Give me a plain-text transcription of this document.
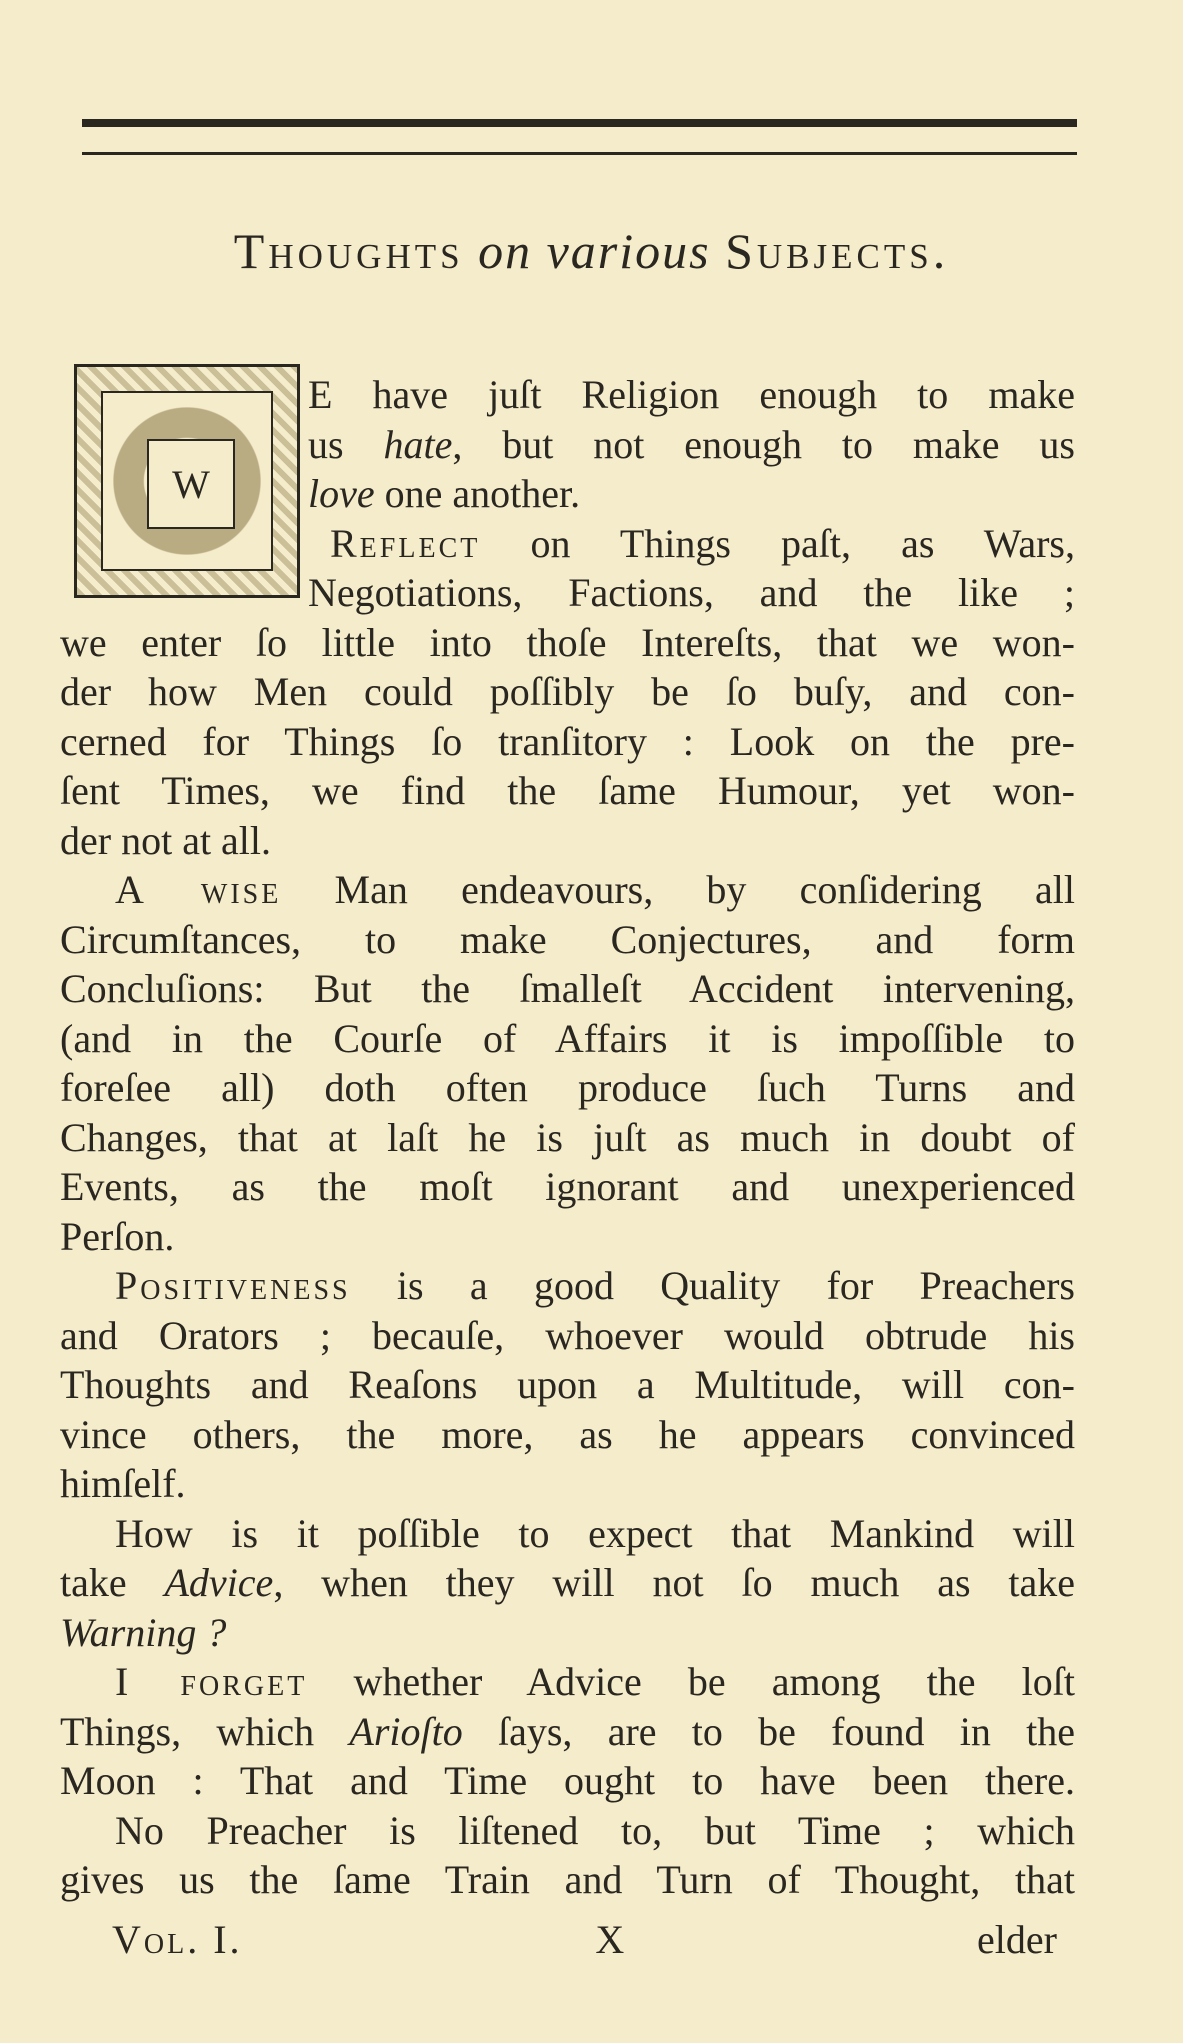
Thoughts on various Subjects.
W
E have juſt Religion enough to make
us hate, but not enough to make us
love one another.
Reflect on Things paſt, as Wars,
Negotiations, Factions, and the like ;
we enter ſo little into thoſe Intereſts, that we won-
der how Men could poſſibly be ſo buſy, and con-
cerned for Things ſo tranſitory : Look on the pre-
ſent Times, we find the ſame Humour, yet won-
der not at all.
A wise Man endeavours, by conſidering all
Circumſtances, to make Conjectures, and form
Concluſions: But the ſmalleſt Accident intervening,
(and in the Courſe of Affairs it is impoſſible to
foreſee all) doth often produce ſuch Turns and
Changes, that at laſt he is juſt as much in doubt of
Events, as the moſt ignorant and unexperienced
Perſon.
Positiveness is a good Quality for Preachers
and Orators ; becauſe, whoever would obtrude his
Thoughts and Reaſons upon a Multitude, will con-
vince others, the more, as he appears convinced
himſelf.
How is it poſſible to expect that Mankind will
take Advice, when they will not ſo much as take
Warning ?
I forget whether Advice be among the loſt
Things, which Arioſto ſays, are to be found in the
Moon : That and Time ought to have been there.
No Preacher is liſtened to, but Time ; which
gives us the ſame Train and Turn of Thought, that
Vol. I.	X	elder
